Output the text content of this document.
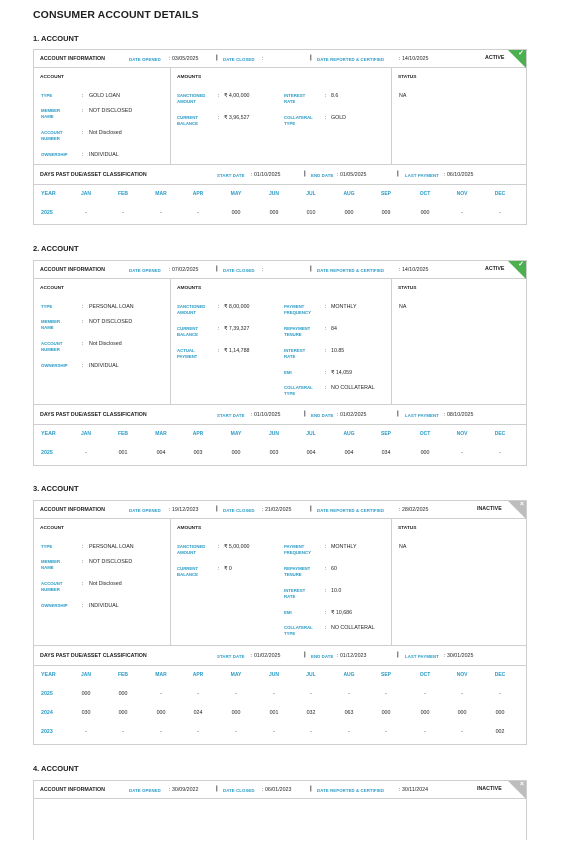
CONSUMER ACCOUNT DETAILS
1. ACCOUNT
ACCOUNT INFORMATION	DATE OPENED : 03/05/2025	| DATE CLOSED :	| DATE REPORTED & CERTIFIED	: 14/10/2025	ACTIVE
✓
ACCOUNT
TYPE	: GOLD LOAN
MEMBER NAME
: NOT DISCLOSED
ACCOUNT NUMBER
: Not Disclosed
OWNERSHIP	: INDIVIDUAL
AMOUNTS
SANCTIONED AMOUNT
: ₹ 4,00,000
CURRENT BALANCE
: ₹ 3,96,527
INTEREST RATE
: 8.6
COLLATERAL TYPE
: GOLD
STATUS
NA
DAYS PAST DUE/ASSET CLASSIFICATION	START DATE : 01/10/2025	| END DATE : 01/05/2025	| LAST PAYMENT : 06/10/2025
YEAR	JAN	FEB	MAR	APR	MAY	JUN	JUL	AUG	SEP	OCT	NOV	DEC
2025	-	-	-	-	000	009	010	000	009	000	-	-
2. ACCOUNT
ACCOUNT INFORMATION	DATE OPENED : 07/02/2025	| DATE CLOSED :	| DATE REPORTED & CERTIFIED	: 14/10/2025	ACTIVE
✓
ACCOUNT
TYPE	: PERSONAL LOAN
MEMBER NAME
: NOT DISCLOSED
ACCOUNT NUMBER
: Not Disclosed
OWNERSHIP	: INDIVIDUAL
AMOUNTS
SANCTIONED AMOUNT
: ₹ 8,00,000
CURRENT BALANCE
: ₹ 7,39,327
ACTUAL PAYMENT
: ₹ 1,14,788
PAYMENT FREQUENCY
: MONTHLY
REPAYMENT TENURE
: 84
INTEREST RATE
: 10.85
EMI	: ₹ 14,059
COLLATERAL TYPE
: NO COLLATERAL
STATUS
NA
DAYS PAST DUE/ASSET CLASSIFICATION	START DATE : 01/10/2025	| END DATE : 01/02/2025	| LAST PAYMENT : 08/10/2025
YEAR	JAN	FEB	MAR	APR	MAY	JUN	JUL	AUG	SEP	OCT	NOV	DEC
2025	-	001	004	003	000	003	004	004	034	000	-	-
3. ACCOUNT
ACCOUNT INFORMATION	DATE OPENED : 19/12/2023	| DATE CLOSED : 21/02/2025	| DATE REPORTED & CERTIFIED	: 28/02/2025	INACTIVE
×
ACCOUNT
TYPE	: PERSONAL LOAN
MEMBER NAME
: NOT DISCLOSED
ACCOUNT NUMBER
: Not Disclosed
OWNERSHIP	: INDIVIDUAL
AMOUNTS
SANCTIONED AMOUNT
: ₹ 5,00,000
CURRENT BALANCE
: ₹ 0
PAYMENT FREQUENCY
: MONTHLY
REPAYMENT TENURE
: 60
INTEREST RATE
: 10.0
EMI	: ₹ 10,686
COLLATERAL TYPE
: NO COLLATERAL
STATUS
NA
DAYS PAST DUE/ASSET CLASSIFICATION	START DATE : 01/02/2025	| END DATE : 01/12/2023	| LAST PAYMENT : 30/01/2025
YEAR	JAN	FEB	MAR	APR	MAY	JUN	JUL	AUG	SEP	OCT	NOV	DEC
2025	000	000	-	-	-	-	-	-	-	-	-	-
2024	030	000	000	024	000	001	032	063	000	000	000	000
2023	-	-	-	-	-	-	-	-	-	-	-	002
4. ACCOUNT
ACCOUNT INFORMATION	DATE OPENED : 30/09/2022	| DATE CLOSED : 06/01/2023	| DATE REPORTED & CERTIFIED	: 30/11/2024	INACTIVE
×
